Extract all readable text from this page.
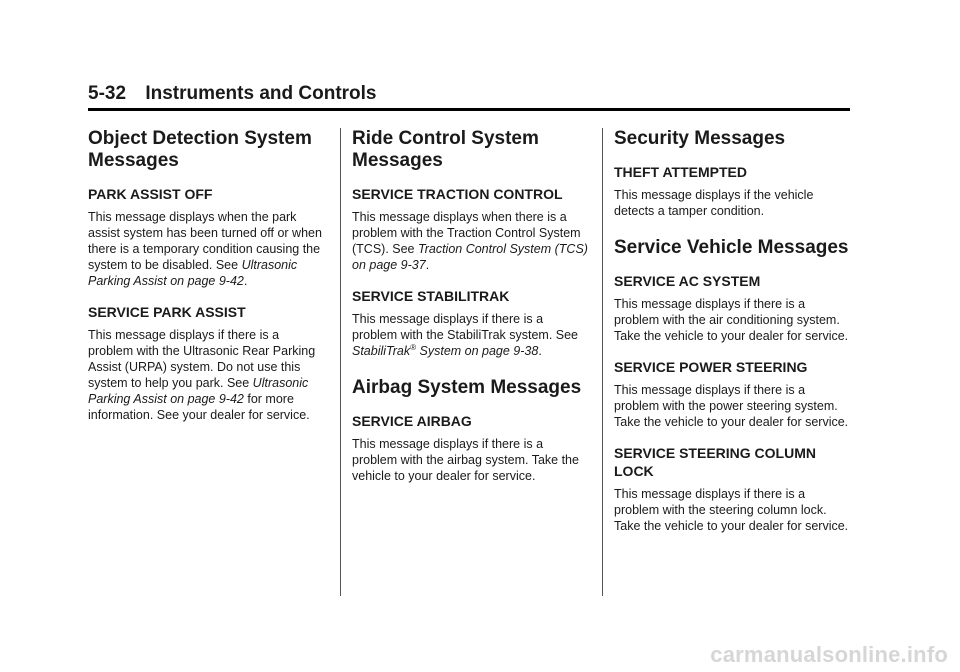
5-32 Instruments and Controls
Object Detection System Messages
PARK ASSIST OFF
This message displays when the park assist system has been turned off or when there is a temporary condition causing the system to be disabled. See Ultrasonic Parking Assist on page 9-42.
SERVICE PARK ASSIST
This message displays if there is a problem with the Ultrasonic Rear Parking Assist (URPA) system. Do not use this system to help you park. See Ultrasonic Parking Assist on page 9-42 for more information. See your dealer for service.
Ride Control System Messages
SERVICE TRACTION CONTROL
This message displays when there is a problem with the Traction Control System (TCS). See Traction Control System (TCS) on page 9-37.
SERVICE STABILITRAK
This message displays if there is a problem with the StabiliTrak system. See StabiliTrak® System on page 9-38.
Airbag System Messages
SERVICE AIRBAG
This message displays if there is a problem with the airbag system. Take the vehicle to your dealer for service.
Security Messages
THEFT ATTEMPTED
This message displays if the vehicle detects a tamper condition.
Service Vehicle Messages
SERVICE AC SYSTEM
This message displays if there is a problem with the air conditioning system. Take the vehicle to your dealer for service.
SERVICE POWER STEERING
This message displays if there is a problem with the power steering system. Take the vehicle to your dealer for service.
SERVICE STEERING COLUMN LOCK
This message displays if there is a problem with the steering column lock. Take the vehicle to your dealer for service.
carmanualsonline.info
